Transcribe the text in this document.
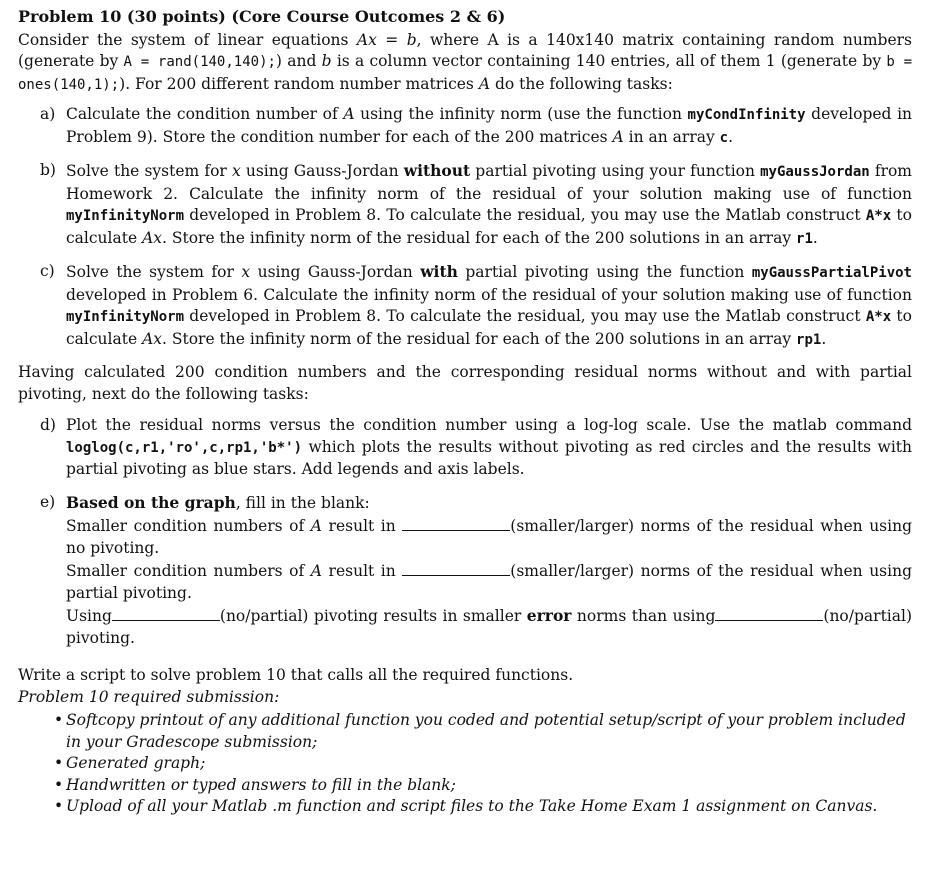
Problem 10 (30 points) (Core Course Outcomes 2 & 6)

Consider the system of linear equations Ax = b, where A is a 140x140 matrix containing random numbers (generate by A = rand(140,140);) and b is a column vector containing 140 entries, all of them 1 (generate by b = ones(140,1);). For 200 different random number matrices A do the following tasks:

a) Calculate the condition number of A using the infinity norm (use the function myCondInfinity developed in Problem 9). Store the condition number for each of the 200 matrices A in an array c.
b) Solve the system for x using Gauss-Jordan without partial pivoting using your function myGaussJordan from Homework 2. Calculate the infinity norm of the residual of your solution making use of function myInfinityNorm developed in Problem 8. To calculate the residual, you may use the Matlab construct A*x to calculate Ax. Store the infinity norm of the residual for each of the 200 solutions in an array r1.
c) Solve the system for x using Gauss-Jordan with partial pivoting using the function myGaussPartialPivot developed in Problem 6. Calculate the infinity norm of the residual of your solution making use of function myInfinityNorm developed in Problem 8. To calculate the residual, you may use the Matlab construct A*x to calculate Ax. Store the infinity norm of the residual for each of the 200 solutions in an array rp1.

Having calculated 200 condition numbers and the corresponding residual norms without and with partial pivoting, next do the following tasks:

d) Plot the residual norms versus the condition number using a log-log scale. Use the matlab command loglog(c,r1,'ro',c,rp1,'b*') which plots the results without pivoting as red circles and the results with partial pivoting as blue stars. Add legends and axis labels.
e) Based on the graph, fill in the blank:
Smaller condition numbers of A result in	(smaller/larger) norms of the residual when using no pivoting.
Smaller condition numbers of A result in	(smaller/larger) norms of the residual when using partial pivoting.
Using	(no/partial) pivoting results in smaller error norms than using	(no/partial) pivoting.

Write a script to solve problem 10 that calls all the required functions.

Problem 10 required submission:

• Softcopy printout of any additional function you coded and potential setup/script of your problem included in your Gradescope submission;
• Generated graph;
• Handwritten or typed answers to fill in the blank;
• Upload of all your Matlab .m function and script files to the Take Home Exam 1 assignment on Canvas.
